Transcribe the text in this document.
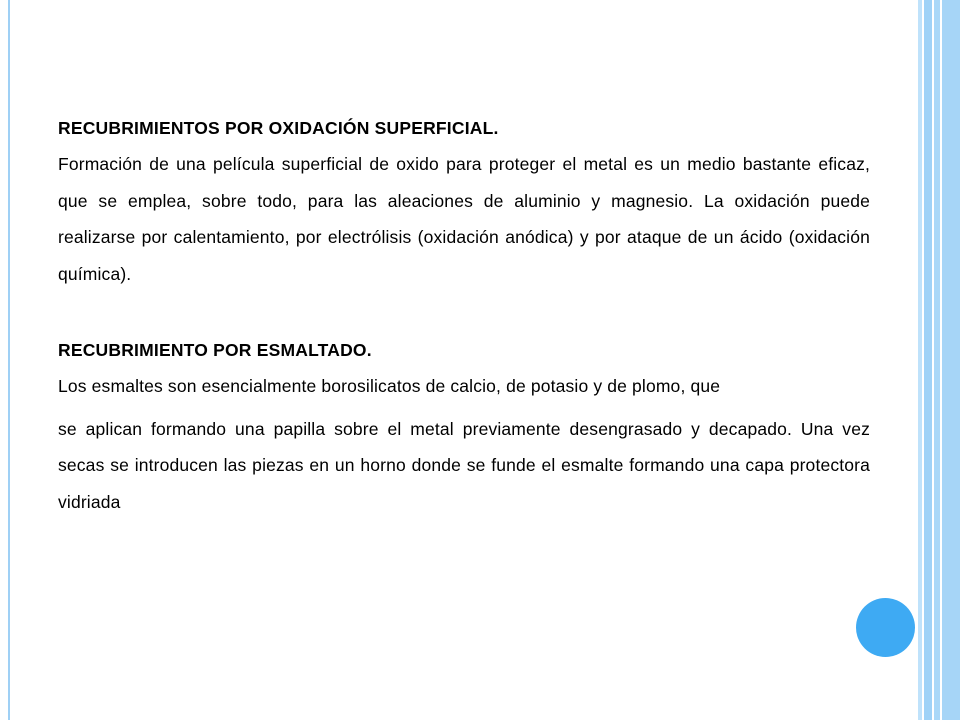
RECUBRIMIENTOS POR OXIDACIÓN SUPERFICIAL.

Formación de una película superficial de oxido para proteger el metal es un medio bastante eficaz, que se emplea, sobre todo, para las aleaciones de aluminio y magnesio. La oxidación puede realizarse por calentamiento, por electrólisis (oxidación anódica) y por ataque de un ácido (oxidación química).

RECUBRIMIENTO POR ESMALTADO.

Los esmaltes son esencialmente borosilicatos de calcio, de potasio y de plomo, que

se aplican formando una papilla sobre el metal previamente desengrasado y decapado. Una vez secas se introducen las piezas en un horno donde se funde el esmalte formando una capa protectora vidriada
